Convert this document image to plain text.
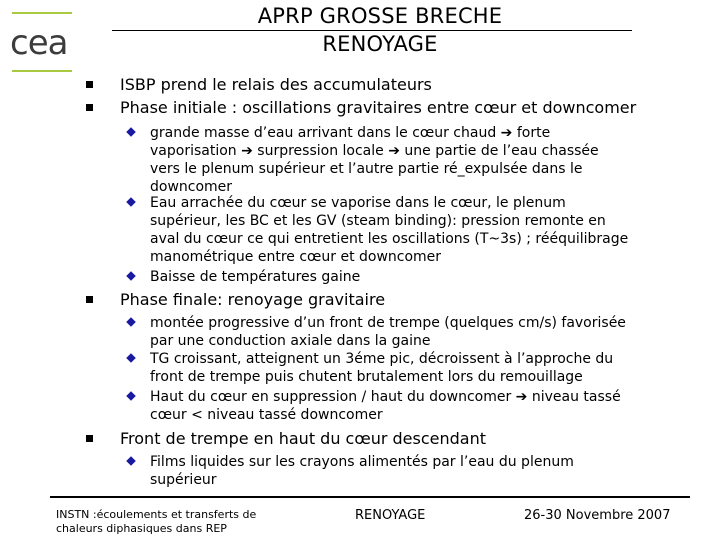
cea
APRP GROSSE BRECHE
RENOYAGE
ISBP prend le relais des accumulateurs
Phase initiale : oscillations gravitaires entre cœur et downcomer
grande masse d’eau arrivant dans le cœur chaud ➔ forte
vaporisation ➔ surpression locale ➔ une partie de l’eau chassée
vers le plenum supérieur et l’autre partie ré_expulsée dans le
downcomer
Eau arrachée du cœur se vaporise dans le cœur, le plenum
supérieur, les BC et les GV (steam binding): pression remonte en
aval du cœur ce qui entretient les oscillations (T~3s) ; rééquilibrage
manométrique entre cœur et downcomer
Baisse de températures gaine
Phase finale: renoyage gravitaire
montée progressive d’un front de trempe (quelques cm/s) favorisée
par une conduction axiale dans la gaine
TG croissant, atteignent un 3éme pic, décroissent à l’approche du
front de trempe puis chutent brutalement lors du remouillage
Haut du cœur en suppression / haut du downcomer ➔ niveau tassé
cœur < niveau tassé downcomer
Front de trempe en haut du cœur descendant
Films liquides sur les crayons alimentés par l’eau du plenum
supérieur
INSTN :écoulements et transferts de
chaleurs diphasiques dans REP
RENOYAGE	26-30 Novembre 2007
